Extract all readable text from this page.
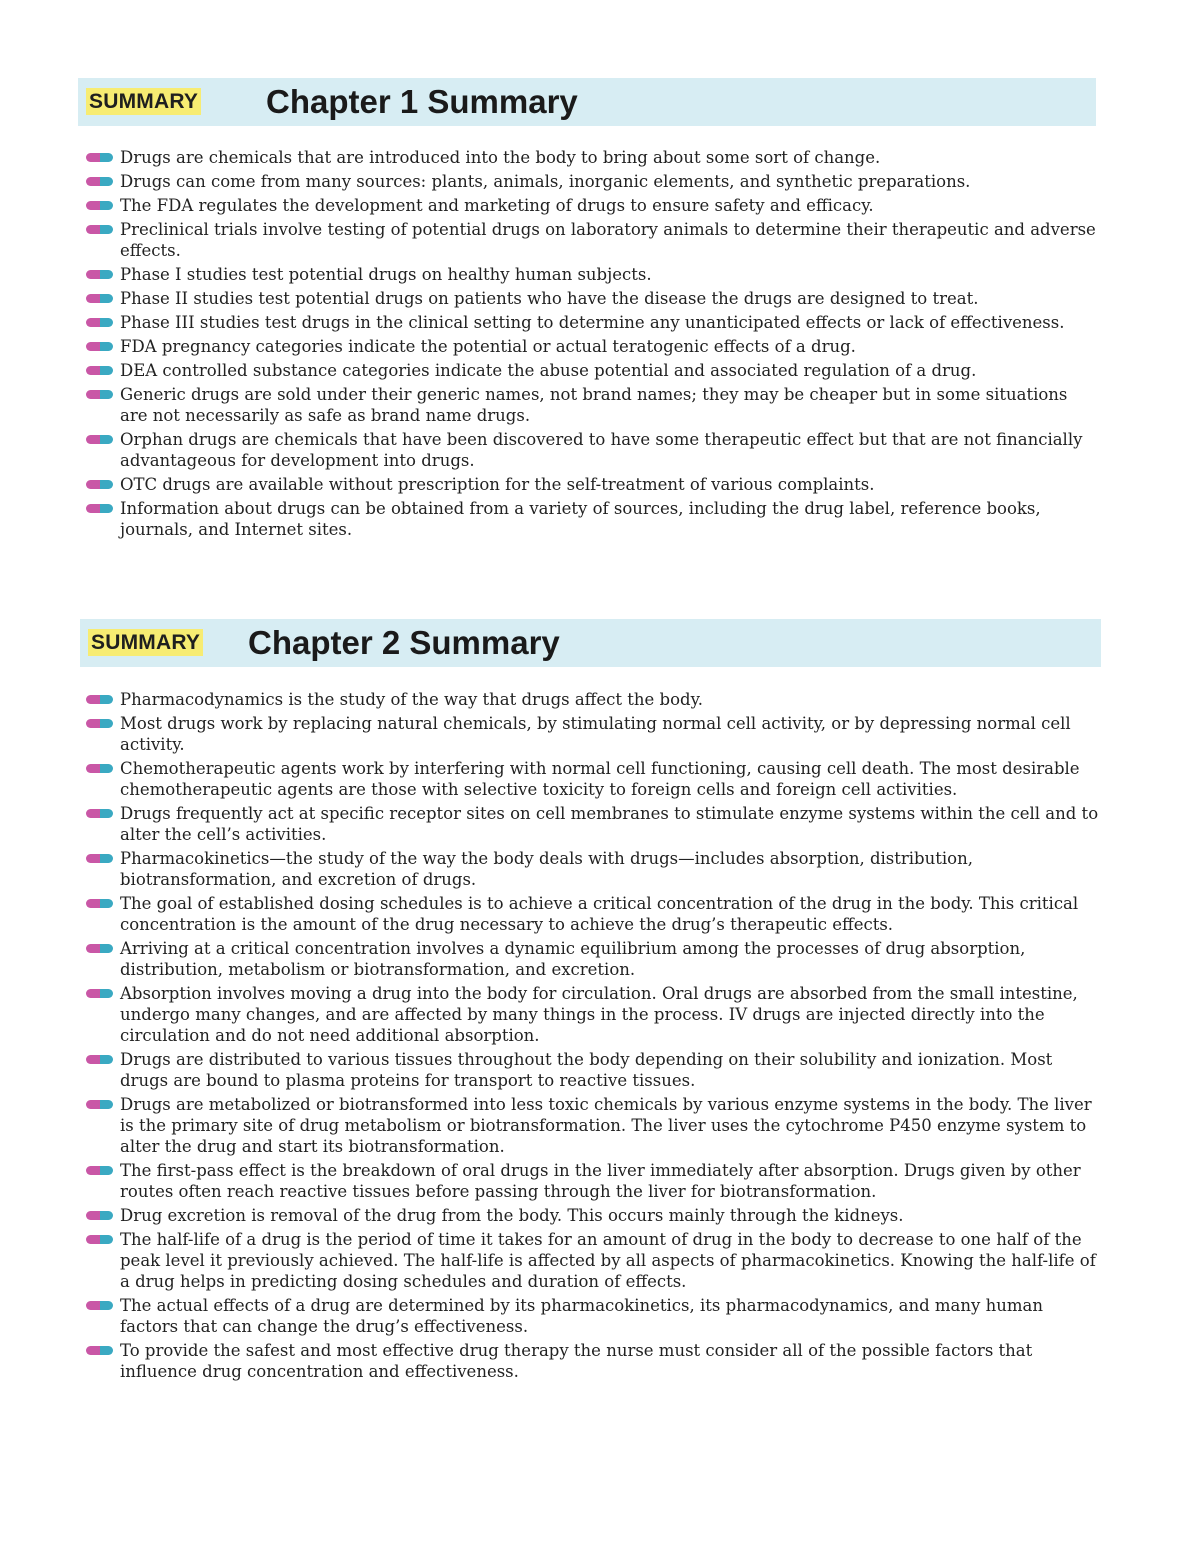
SUMMARY Chapter 1 Summary
Drugs are chemicals that are introduced into the body to bring about some sort of change.
Drugs can come from many sources: plants, animals, inorganic elements, and synthetic preparations.
The FDA regulates the development and marketing of drugs to ensure safety and efficacy.
Preclinical trials involve testing of potential drugs on laboratory animals to determine their therapeutic and adverse effects.
Phase I studies test potential drugs on healthy human subjects.
Phase II studies test potential drugs on patients who have the disease the drugs are designed to treat.
Phase III studies test drugs in the clinical setting to determine any unanticipated effects or lack of effectiveness.
FDA pregnancy categories indicate the potential or actual teratogenic effects of a drug.
DEA controlled substance categories indicate the abuse potential and associated regulation of a drug.
Generic drugs are sold under their generic names, not brand names; they may be cheaper but in some situations are not necessarily as safe as brand name drugs.
Orphan drugs are chemicals that have been discovered to have some therapeutic effect but that are not financially advantageous for development into drugs.
OTC drugs are available without prescription for the self-treatment of various complaints.
Information about drugs can be obtained from a variety of sources, including the drug label, reference books, journals, and Internet sites.
SUMMARY Chapter 2 Summary
Pharmacodynamics is the study of the way that drugs affect the body.
Most drugs work by replacing natural chemicals, by stimulating normal cell activity, or by depressing normal cell activity.
Chemotherapeutic agents work by interfering with normal cell functioning, causing cell death. The most desirable chemotherapeutic agents are those with selective toxicity to foreign cells and foreign cell activities.
Drugs frequently act at specific receptor sites on cell membranes to stimulate enzyme systems within the cell and to alter the cell’s activities.
Pharmacokinetics—the study of the way the body deals with drugs—includes absorption, distribution, biotransformation, and excretion of drugs.
The goal of established dosing schedules is to achieve a critical concentration of the drug in the body. This critical concentration is the amount of the drug necessary to achieve the drug’s therapeutic effects.
Arriving at a critical concentration involves a dynamic equilibrium among the processes of drug absorption, distribution, metabolism or biotransformation, and excretion.
Absorption involves moving a drug into the body for circulation. Oral drugs are absorbed from the small intestine, undergo many changes, and are affected by many things in the process. IV drugs are injected directly into the circulation and do not need additional absorption.
Drugs are distributed to various tissues throughout the body depending on their solubility and ionization. Most drugs are bound to plasma proteins for transport to reactive tissues.
Drugs are metabolized or biotransformed into less toxic chemicals by various enzyme systems in the body. The liver is the primary site of drug metabolism or biotransformation. The liver uses the cytochrome P450 enzyme system to alter the drug and start its biotransformation.
The first-pass effect is the breakdown of oral drugs in the liver immediately after absorption. Drugs given by other routes often reach reactive tissues before passing through the liver for biotransformation.
Drug excretion is removal of the drug from the body. This occurs mainly through the kidneys.
The half-life of a drug is the period of time it takes for an amount of drug in the body to decrease to one half of the peak level it previously achieved. The half-life is affected by all aspects of pharmacokinetics. Knowing the half-life of a drug helps in predicting dosing schedules and duration of effects.
The actual effects of a drug are determined by its pharmacokinetics, its pharmacodynamics, and many human factors that can change the drug’s effectiveness.
To provide the safest and most effective drug therapy the nurse must consider all of the possible factors that influence drug concentration and effectiveness.
